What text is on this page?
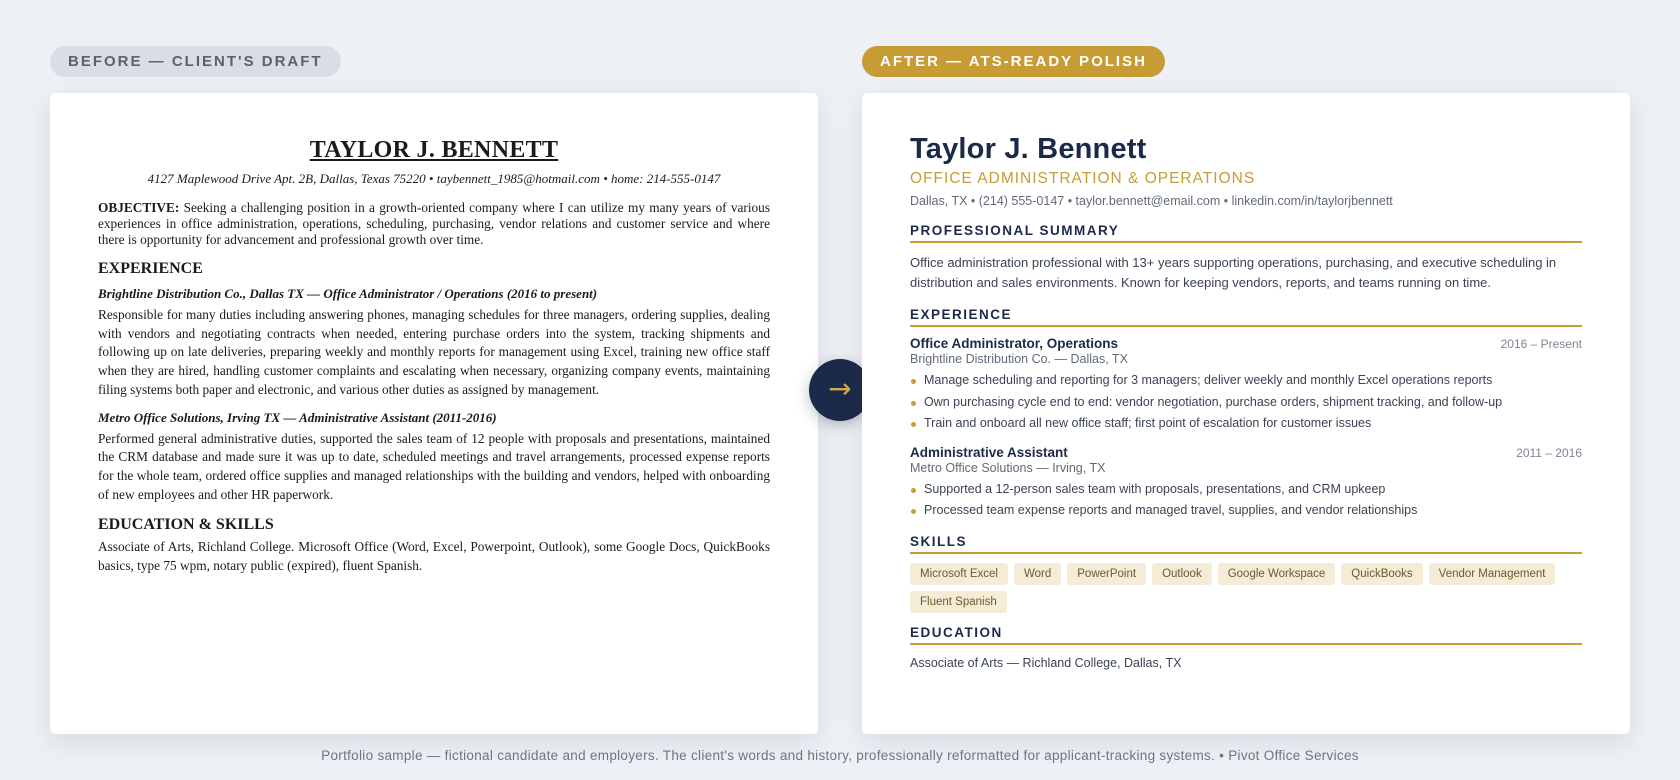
BEFORE — CLIENT'S DRAFT	AFTER — ATS-READY POLISH
TAYLOR J. BENNETT
4127 Maplewood Drive Apt. 2B, Dallas, Texas 75220 • taybennett_1985@hotmail.com • home: 214-555-0147
OBJECTIVE: Seeking a challenging position in a growth-oriented company where I can utilize my many years of various experiences in office administration, operations, scheduling, purchasing, vendor relations and customer service and where there is opportunity for advancement and professional growth over time.
EXPERIENCE
Brightline Distribution Co., Dallas TX — Office Administrator / Operations (2016 to present)
Responsible for many duties including answering phones, managing schedules for three managers, ordering supplies, dealing with vendors and negotiating contracts when needed, entering purchase orders into the system, tracking shipments and following up on late deliveries, preparing weekly and monthly reports for management using Excel, training new office staff when they are hired, handling customer complaints and escalating when necessary, organizing company events, maintaining filing systems both paper and electronic, and various other duties as assigned by management.
Metro Office Solutions, Irving TX — Administrative Assistant (2011-2016)
Performed general administrative duties, supported the sales team of 12 people with proposals and presentations, maintained the CRM database and made sure it was up to date, scheduled meetings and travel arrangements, processed expense reports for the whole team, ordered office supplies and managed relationships with the building and vendors, helped with onboarding of new employees and other HR paperwork.
EDUCATION & SKILLS
Associate of Arts, Richland College. Microsoft Office (Word, Excel, Powerpoint, Outlook), some Google Docs, QuickBooks basics, type 75 wpm, notary public (expired), fluent Spanish.
→
Taylor J. Bennett
OFFICE ADMINISTRATION & OPERATIONS
Dallas, TX • (214) 555-0147 • taylor.bennett@email.com • linkedin.com/in/taylorjbennett
PROFESSIONAL SUMMARY
Office administration professional with 13+ years supporting operations, purchasing, and executive scheduling in distribution and sales environments. Known for keeping vendors, reports, and teams running on time.
EXPERIENCE
Office Administrator, Operations	2016 – Present
Brightline Distribution Co. — Dallas, TX
Manage scheduling and reporting for 3 managers; deliver weekly and monthly Excel operations reports
Own purchasing cycle end to end: vendor negotiation, purchase orders, shipment tracking, and follow-up
Train and onboard all new office staff; first point of escalation for customer issues
Administrative Assistant	2011 – 2016
Metro Office Solutions — Irving, TX
Supported a 12-person sales team with proposals, presentations, and CRM upkeep
Processed team expense reports and managed travel, supplies, and vendor relationships
SKILLS
Microsoft Excel	Word	PowerPoint	Outlook	Google Workspace	QuickBooks	Vendor Management
Fluent Spanish
EDUCATION
Associate of Arts — Richland College, Dallas, TX
Portfolio sample — fictional candidate and employers. The client's words and history, professionally reformatted for applicant-tracking systems. • Pivot Office Services
